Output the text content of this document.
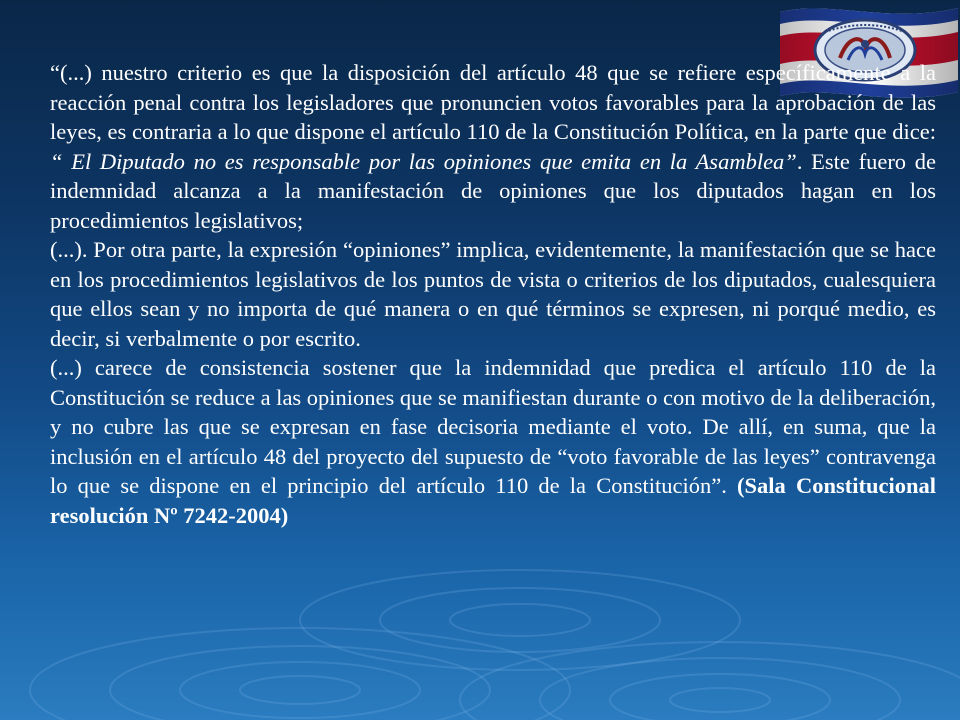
“(...) nuestro criterio es que la disposición del artículo 48 que se refiere específicamente a la reacción penal contra los legisladores que pronuncien votos favorables para la aprobación de las leyes, es contraria a lo que dispone el artículo 110 de la Constitución Política, en la parte que dice: “ El Diputado no es responsable por las opiniones que emita en la Asamblea”. Este fuero de indemnidad alcanza a la manifestación de opiniones que los diputados hagan en los procedimientos legislativos;

(...). Por otra parte, la expresión “opiniones” implica, evidentemente, la manifestación que se hace en los procedimientos legislativos de los puntos de vista o criterios de los diputados, cualesquiera que ellos sean y no importa de qué manera o en qué términos se expresen, ni porqué medio, es decir, si verbalmente o por escrito.

(...) carece de consistencia sostener que la indemnidad que predica el artículo 110 de la Constitución se reduce a las opiniones que se manifiestan durante o con motivo de la deliberación, y no cubre las que se expresan en fase decisoria mediante el voto. De allí, en suma, que la inclusión en el artículo 48 del proyecto del supuesto de “voto favorable de las leyes” contravenga lo que se dispone en el principio del artículo 110 de la Constitución”. (Sala Constitucional resolución Nº 7242-2004)
